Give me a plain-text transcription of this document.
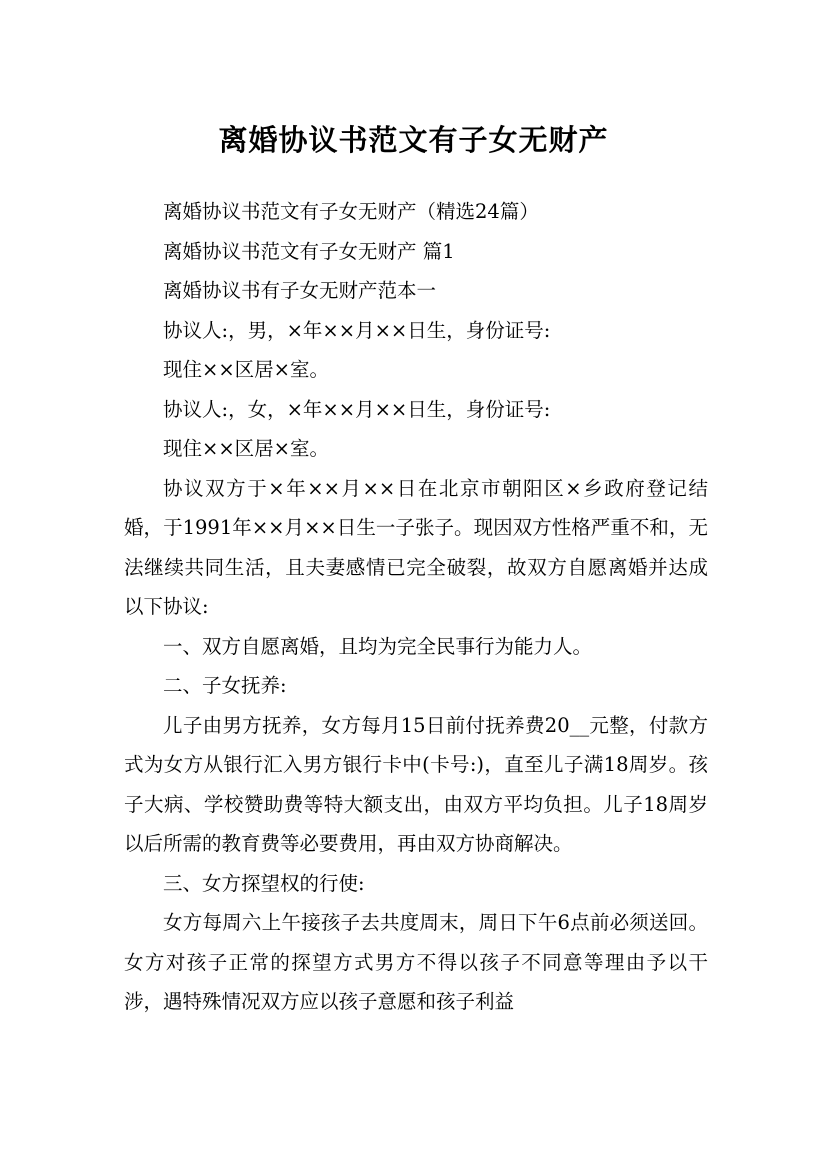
离婚协议书范文有子女无财产

离婚协议书范文有子女无财产（精选24篇）

离婚协议书范文有子女无财产 篇1

离婚协议书有子女无财产范本一

协议人:，男，×年××月××日生，身份证号:

现住××区居×室。

协议人:，女，×年××月××日生，身份证号:

现住××区居×室。

协议双方于×年××月××日在北京市朝阳区×乡政府登记结婚，于1991年××月××日生一子张子。现因双方性格严重不和，无法继续共同生活，且夫妻感情已完全破裂，故双方自愿离婚并达成以下协议:

一、双方自愿离婚，且均为完全民事行为能力人。

二、子女抚养:

儿子由男方抚养，女方每月15日前付抚养费20__元整，付款方式为女方从银行汇入男方银行卡中(卡号:)，直至儿子满18周岁。孩子大病、学校赞助费等特大额支出，由双方平均负担。儿子18周岁以后所需的教育费等必要费用，再由双方协商解决。

三、女方探望权的行使:

女方每周六上午接孩子去共度周末，周日下午6点前必须送回。女方对孩子正常的探望方式男方不得以孩子不同意等理由予以干涉，遇特殊情况双方应以孩子意愿和孩子利益
